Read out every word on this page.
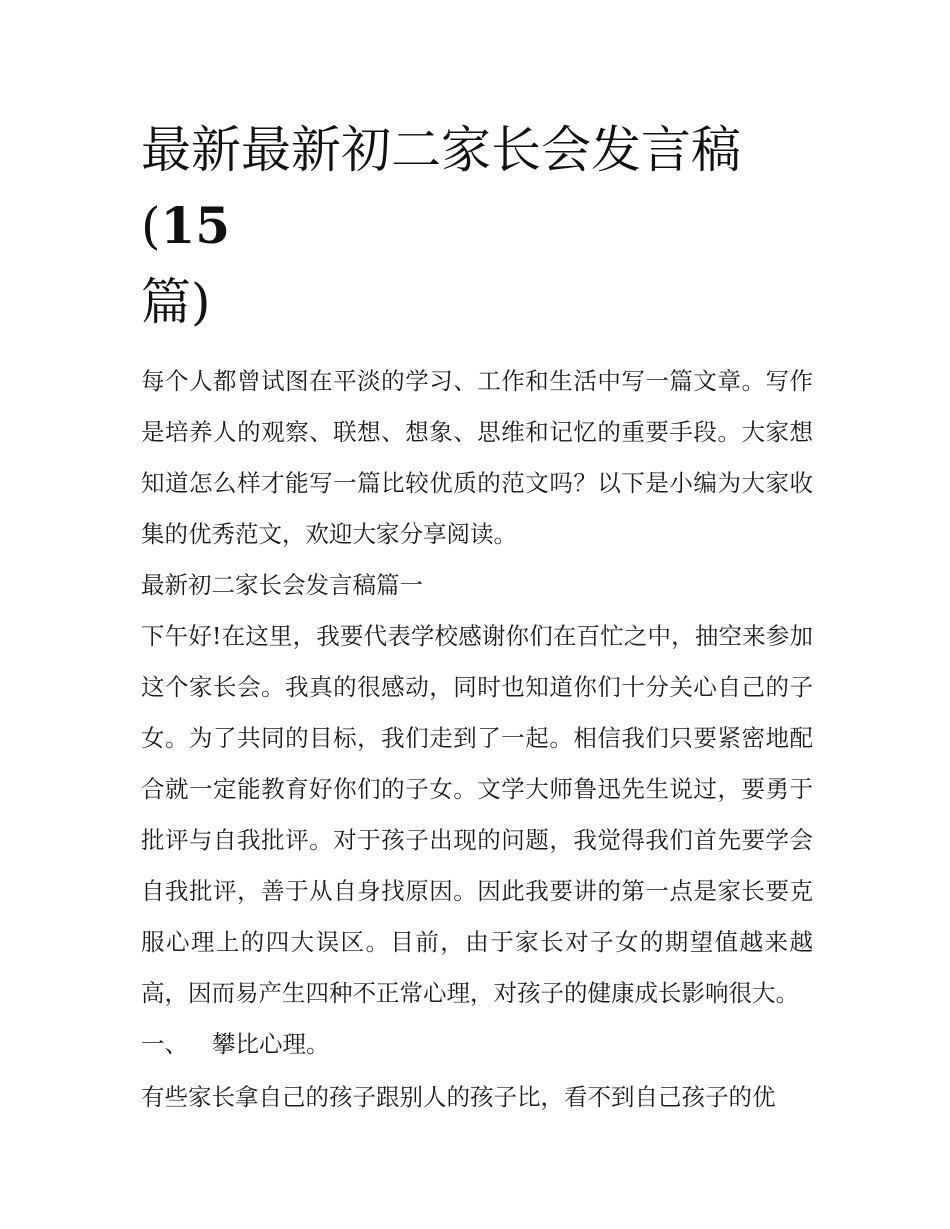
最新最新初二家长会发言稿(15
篇)

每个人都曾试图在平淡的学习、工作和生活中写一篇文章。写作是培养人的观察、联想、想象、思维和记忆的重要手段。大家想知道怎么样才能写一篇比较优质的范文吗？以下是小编为大家收集的优秀范文，欢迎大家分享阅读。

最新初二家长会发言稿篇一

下午好!在这里，我要代表学校感谢你们在百忙之中，抽空来参加这个家长会。我真的很感动，同时也知道你们十分关心自己的子女。为了共同的目标，我们走到了一起。相信我们只要紧密地配合就一定能教育好你们的子女。文学大师鲁迅先生说过，要勇于批评与自我批评。对于孩子出现的问题，我觉得我们首先要学会自我批评，善于从自身找原因。因此我要讲的第一点是家长要克服心理上的四大误区。目前，由于家长对子女的期望值越来越高，因而易产生四种不正常心理，对孩子的健康成长影响很大。

一、 攀比心理。

有些家长拿自己的孩子跟别人的孩子比，看不到自己孩子的优
